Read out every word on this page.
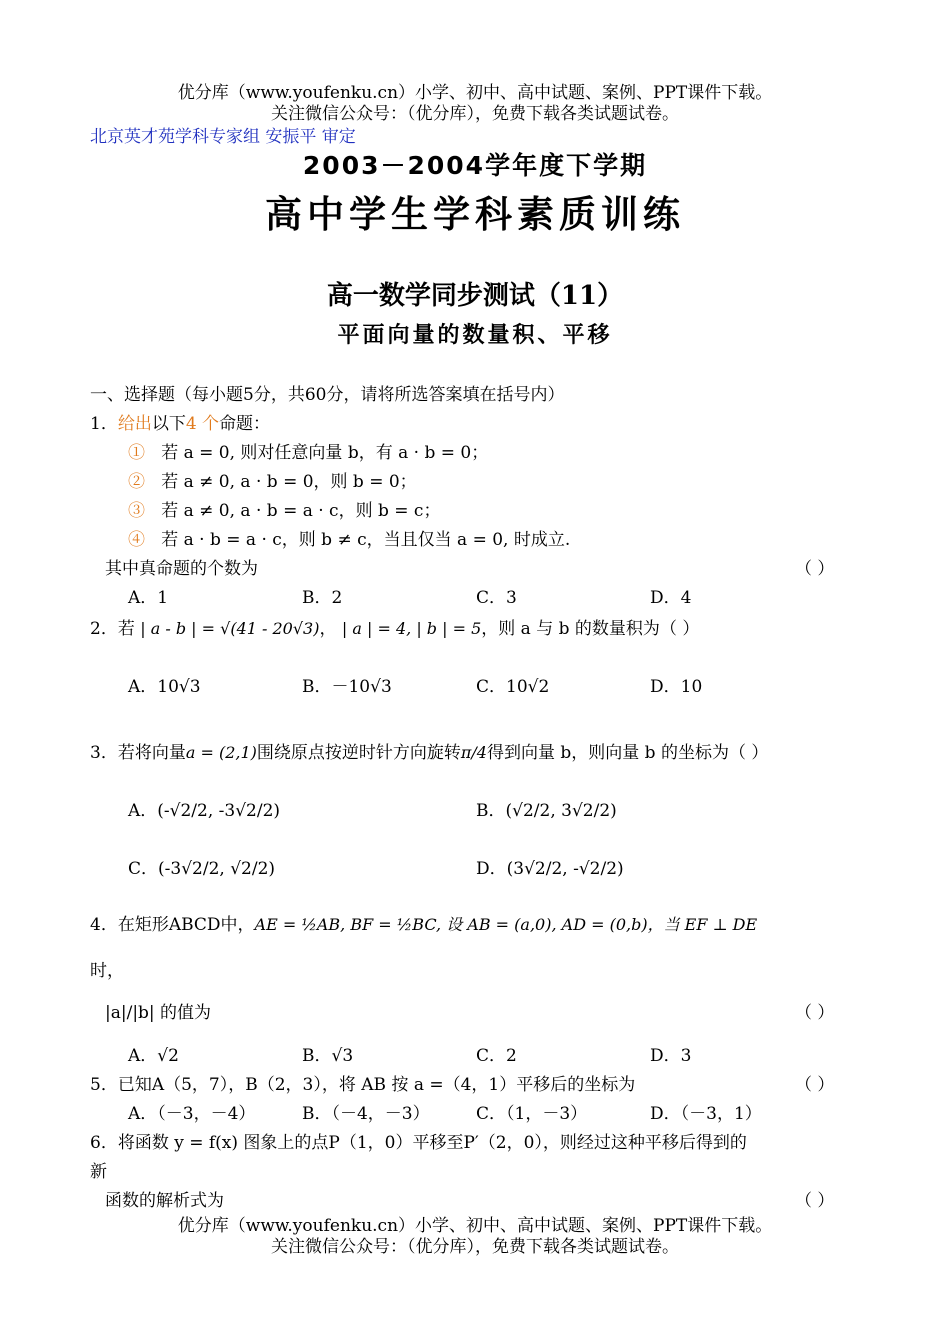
优分库（www.youfenku.cn）小学、初中、高中试题、案例、PPT课件下载。
关注微信公众号：（优分库），免费下载各类试题试卷。
北京英才苑学科专家组 安振平 审定
2003－2004学年度下学期
高中学生学科素质训练
高一数学同步测试（11）
平面向量的数量积、平移
一、选择题（每小题5分，共60分，请将所选答案填在括号内）
1．给出以下4 个命题：
① 若 a = 0, 则对任意向量 b，有 a · b = 0；
② 若 a ≠ 0, a · b = 0，则 b = 0；
③ 若 a ≠ 0, a · b = a · c，则 b = c；
④ 若 a · b = a · c，则 b ≠ c，当且仅当 a = 0, 时成立.
其中真命题的个数为	（ ）
A．1	B．2	C．3	D．4
2．若 | a - b | = √(41 - 20√3)， | a | = 4, | b | = 5，则 a 与 b 的数量积为 （ ）
A．10√3	B．－10√3	C．10√2	D．10
3．若将向量a = (2,1)围绕原点按逆时针方向旋转π/4得到向量 b，则向量 b 的坐标为（ ）
A．(-√2/2, -3√2/2)	B．(√2/2, 3√2/2)
C．(-3√2/2, √2/2)	D．(3√2/2, -√2/2)
4．在矩形ABCD中，AE = ½AB, BF = ½BC, 设 AB = (a,0), AD = (0,b)，当 EF ⊥ DE
时，
|a|/|b| 的值为	（ ）
A．√2	B．√3	C．2	D．3
5．已知A（5，7），B（2，3），将 AB 按 a =（4，1）平移后的坐标为	（ ）
A．（－3，－4）	B．（－4，－3）	C．（1，－3）	D．（－3，1）
6．将函数 y = f(x) 图象上的点P（1，0）平移至P′（2，0），则经过这种平移后得到的
新
函数的解析式为	（ ）
优分库（www.youfenku.cn）小学、初中、高中试题、案例、PPT课件下载。
关注微信公众号：（优分库），免费下载各类试题试卷。
